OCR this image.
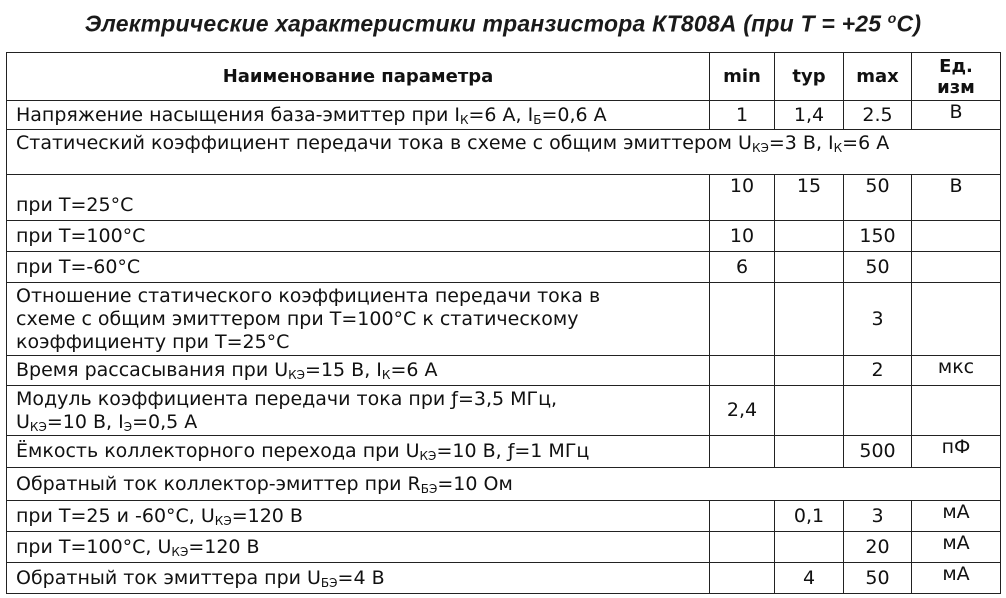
Электрические характеристики транзистора КТ808А (при Т = +25 $^o$C)
Наименование параметра	min	typ	max	Ед. изм
Напряжение насыщения база-эмиттер при $I_К=6$ А, $I_Б=0,6$ А	1	1,4	2.5	В
Статический коэффициент передачи тока в схеме с общим эмиттером $U_{КЭ}=3$ В, $I_К=6$ А				
при Т=25°С	10	15	50	В
при Т=100°С	10		150	
при Т=-60°С	6		50	

Отношение статического коэффициента передачи тока в
схеме с общим эмиттером при Т=100°С к статическому
коэффициенту при Т=25°С			3	
Время рассасывания при $U_{КЭ}=15$ В, $I_К=6$ А			2	мкс

Модуль коэффициента передачи тока при ƒ=3,5 МГц,
$U_{КЭ}=10$ В, $I_Э=0,5$ А	2,4			
Ёмкость коллекторного перехода при $U_{КЭ}=10$ В, ƒ=1 МГц			500	пФ
Обратный ток коллектор-эмиттер при $R_{БЭ}=10$ Ом				
при Т=25 и -60°С, $U_{КЭ}=120$ В		0,1	3	мА
при Т=100°С, $U_{КЭ}=120$ В			20	мА
Обратный ток эмиттера при $U_{БЭ}=4$ В		4	50	мА
